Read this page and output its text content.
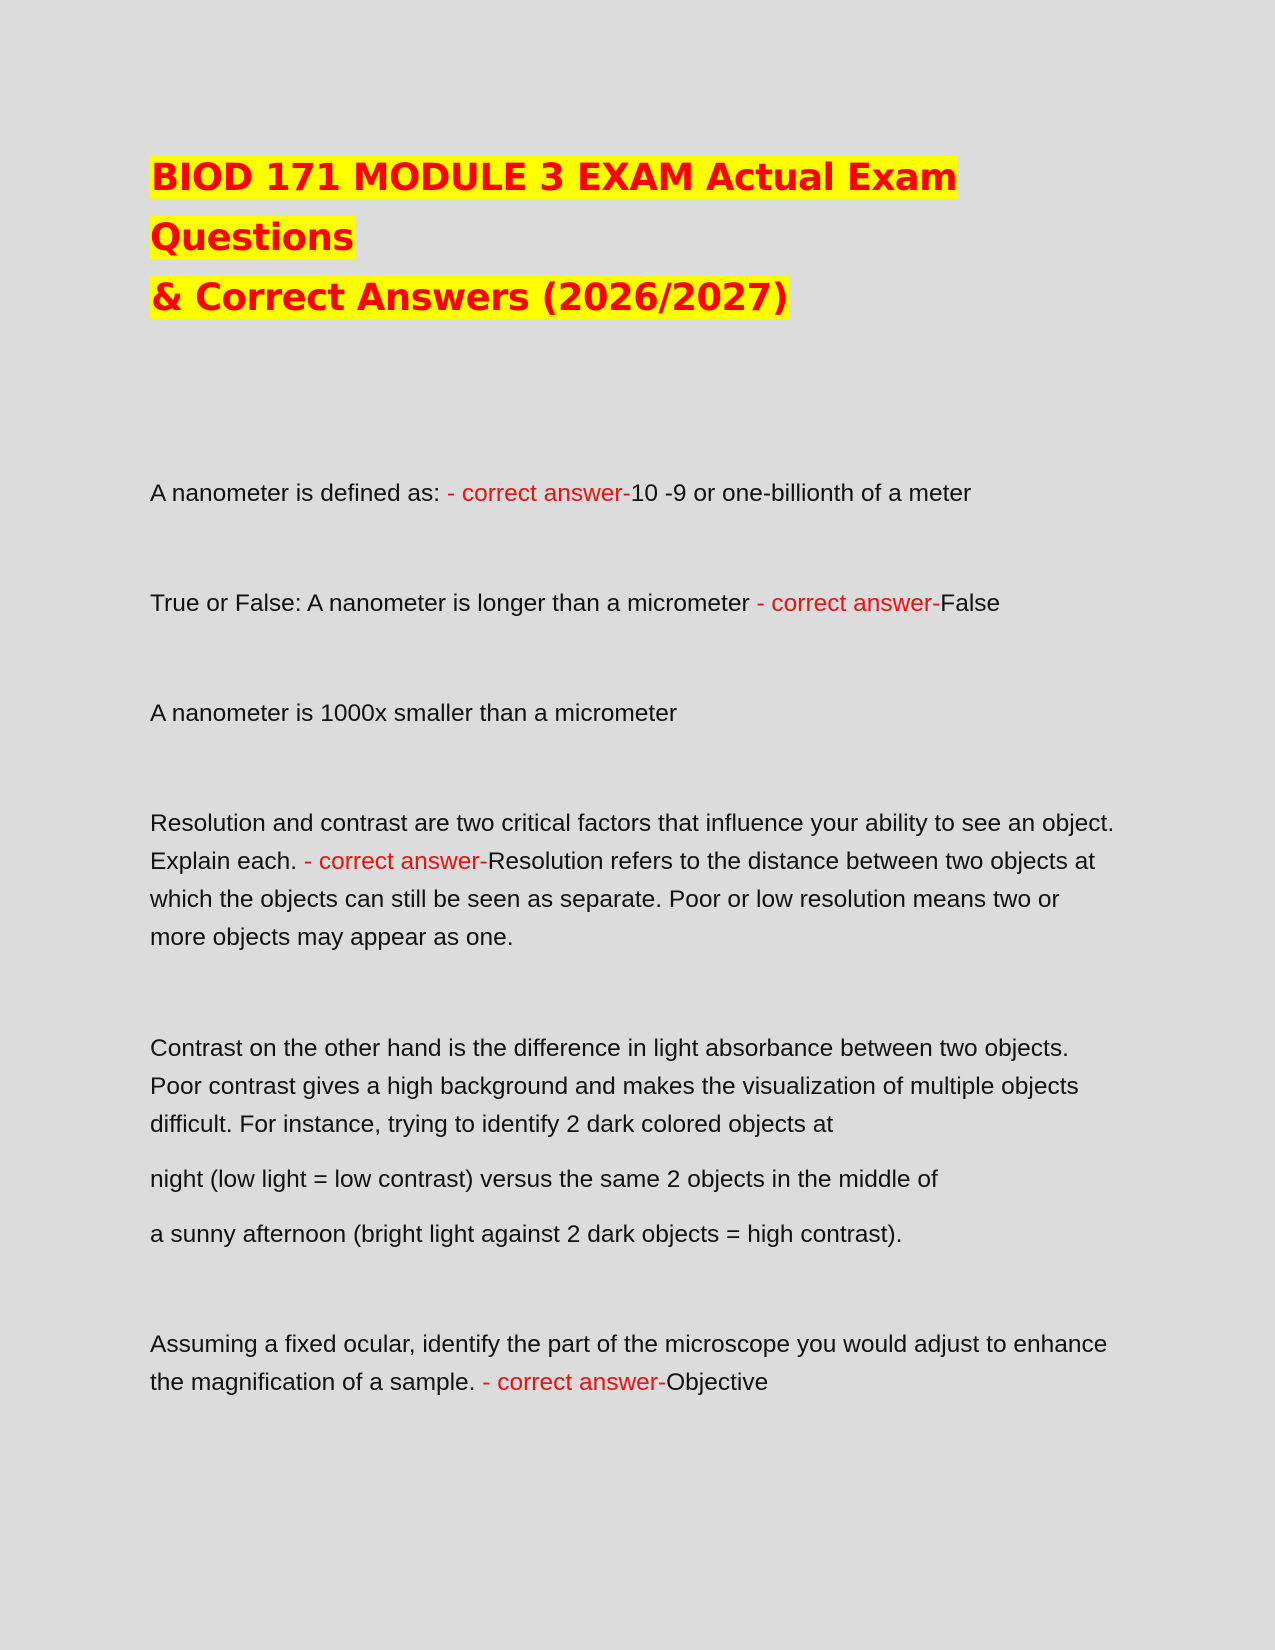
BIOD 171 MODULE 3 EXAM Actual Exam Questions
& Correct Answers (2026/2027)

A nanometer is defined as: - correct answer-10 -9 or one-billionth of a meter

True or False: A nanometer is longer than a micrometer - correct answer-False

A nanometer is 1000x smaller than a micrometer

Resolution and contrast are two critical factors that influence your ability to see an object. Explain each. - correct answer-Resolution refers to the distance between two objects at which the objects can still be seen as separate. Poor or low resolution means two or more objects may appear as one.

Contrast on the other hand is the difference in light absorbance between two objects. Poor contrast gives a high background and makes the visualization of multiple objects difficult. For instance, trying to identify 2 dark colored objects at
night (low light = low contrast) versus the same 2 objects in the middle of
a sunny afternoon (bright light against 2 dark objects = high contrast).

Assuming a fixed ocular, identify the part of the microscope you would adjust to enhance the magnification of a sample. - correct answer-Objective
